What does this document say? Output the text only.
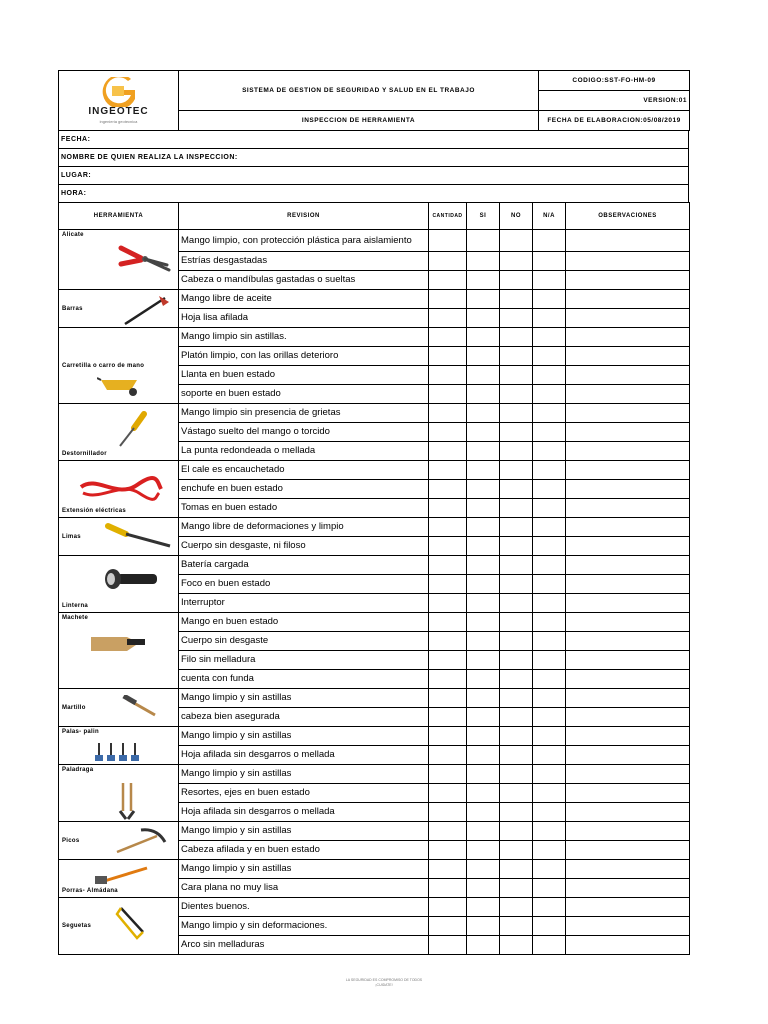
INGEOTEC
ingenieria geotecnica	SISTEMA DE GESTION DE SEGURIDAD Y SALUD EN EL TRABAJO	CODIGO:SST-FO-HM-09
		VERSION:01
	INSPECCION DE HERRAMIENTA	FECHA DE ELABORACION:05/08/2019
FECHA:
NOMBRE DE QUIEN REALIZA LA INSPECCION:
LUGAR:
HORA:
HERRAMIENTA	REVISION	CANTIDAD	SI	NO	N/A	OBSERVACIONES

Alicate	Mango limpio, con protección plástica para aislamiento					
	Estrías desgastadas					
	Cabeza o mandíbulas gastadas o sueltas					

Barras	Mango libre de aceite					
	Hoja lisa afilada					

Carretilla o carro de mano	Mango limpio sin astillas.					
	Platón limpio, con las orillas deterioro					
	Llanta en buen estado					
	soporte en buen estado					

Destornillador	Mango limpio sin presencia de grietas					
	Vástago suelto del mango o torcido					
	La punta redondeada o mellada					

Extensión eléctricas	El cale es encauchetado					
	enchufe en buen estado					
	Tomas en buen estado					

Limas	Mango libre de deformaciones y limpio					
	Cuerpo sin desgaste, ni filoso					

Linterna	Batería cargada					
	Foco en buen estado					
	Interruptor					

Machete	Mango en buen estado					
	Cuerpo sin desgaste					
	Filo sin melladura					
	cuenta con funda					

Martillo	Mango limpio y sin astillas					
	cabeza bien asegurada					

Palas- palin	Mango limpio y sin astillas					
	Hoja afilada sin desgarros o mellada					

Paladraga	Mango limpio y sin astillas					
	Resortes, ejes en buen estado					
	Hoja afilada sin desgarros o mellada					

Picos	Mango limpio y sin astillas					
	Cabeza afilada y en buen estado					

Porras- Almádana	Mango limpio y sin astillas					
	Cara plana no muy lisa					

Seguetas	Dientes buenos.					
	Mango limpio y sin deformaciones.					
	Arco sin melladuras					
LA SEGURIDAD ES COMPROMISO DE TODOS
¡CUIDATE!
